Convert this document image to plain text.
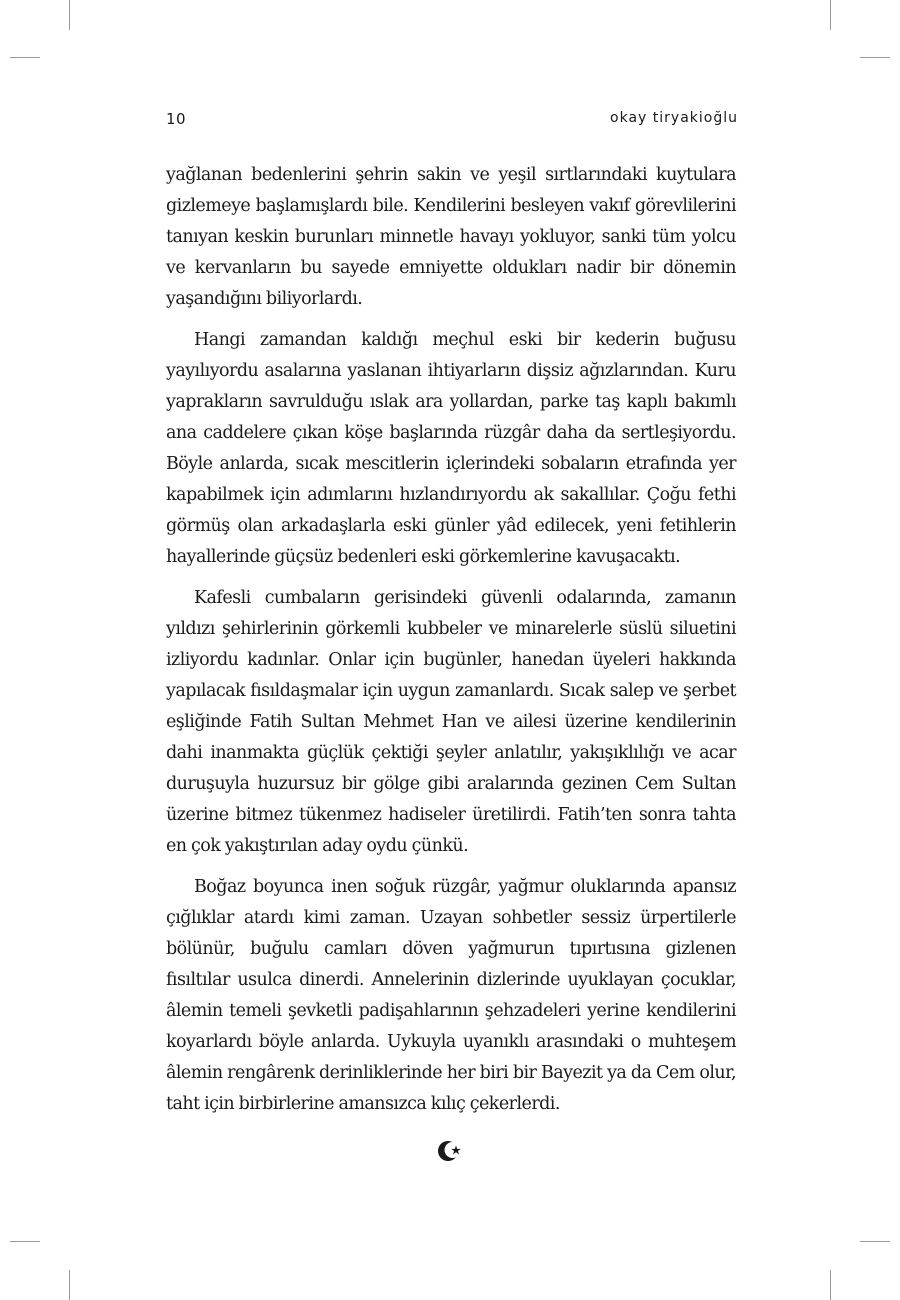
10	okay tiryakioğlu

yağlanan bedenlerini şehrin sakin ve yeşil sırtlarındaki kuytulara gizlemeye başlamışlardı bile. Kendilerini besleyen vakıf görevlilerini tanıyan keskin burunları minnetle havayı yokluyor, sanki tüm yolcu ve kervanların bu sayede emniyette oldukları nadir bir dönemin yaşandığını biliyorlardı.

Hangi zamandan kaldığı meçhul eski bir kederin buğusu yayılıyordu asalarına yaslanan ihtiyarların dişsiz ağızlarından. Kuru yaprakların savrulduğu ıslak ara yollardan, parke taş kaplı bakımlı ana caddelere çıkan köşe başlarında rüzgâr daha da sertleşiyordu. Böyle anlarda, sıcak mescitlerin içlerindeki sobaların etrafında yer kapabilmek için adımlarını hızlandırıyordu ak sakallılar. Çoğu fethi görmüş olan arkadaşlarla eski günler yâd edilecek, yeni fetihlerin hayallerinde güçsüz bedenleri eski görkemlerine kavuşacaktı.

Kafesli cumbaların gerisindeki güvenli odalarında, zamanın yıldızı şehirlerinin görkemli kubbeler ve minarelerle süslü siluetini izliyordu kadınlar. Onlar için bugünler, hanedan üyeleri hakkında yapılacak fısıldaşmalar için uygun zamanlardı. Sıcak salep ve şerbet eşliğinde Fatih Sultan Mehmet Han ve ailesi üzerine kendilerinin dahi inanmakta güçlük çektiği şeyler anlatılır, yakışıklılığı ve acar duruşuyla huzursuz bir gölge gibi aralarında gezinen Cem Sultan üzerine bitmez tükenmez hadiseler üretilirdi. Fatih’ten sonra tahta en çok yakıştırılan aday oydu çünkü.

Boğaz boyunca inen soğuk rüzgâr, yağmur oluklarında apansız çığlıklar atardı kimi zaman. Uzayan sohbetler sessiz ürpertilerle bölünür, buğulu camları döven yağmurun tıpırtısına gizlenen fısıltılar usulca dinerdi. Annelerinin dizlerinde uyuklayan çocuklar, âlemin temeli şevketli padişahlarının şehzadeleri yerine kendilerini koyarlardı böyle anlarda. Uykuyla uyanıklı arasındaki o muhteşem âlemin rengârenk derinliklerinde her biri bir Bayezit ya da Cem olur, taht için birbirlerine amansızca kılıç çekerlerdi.
